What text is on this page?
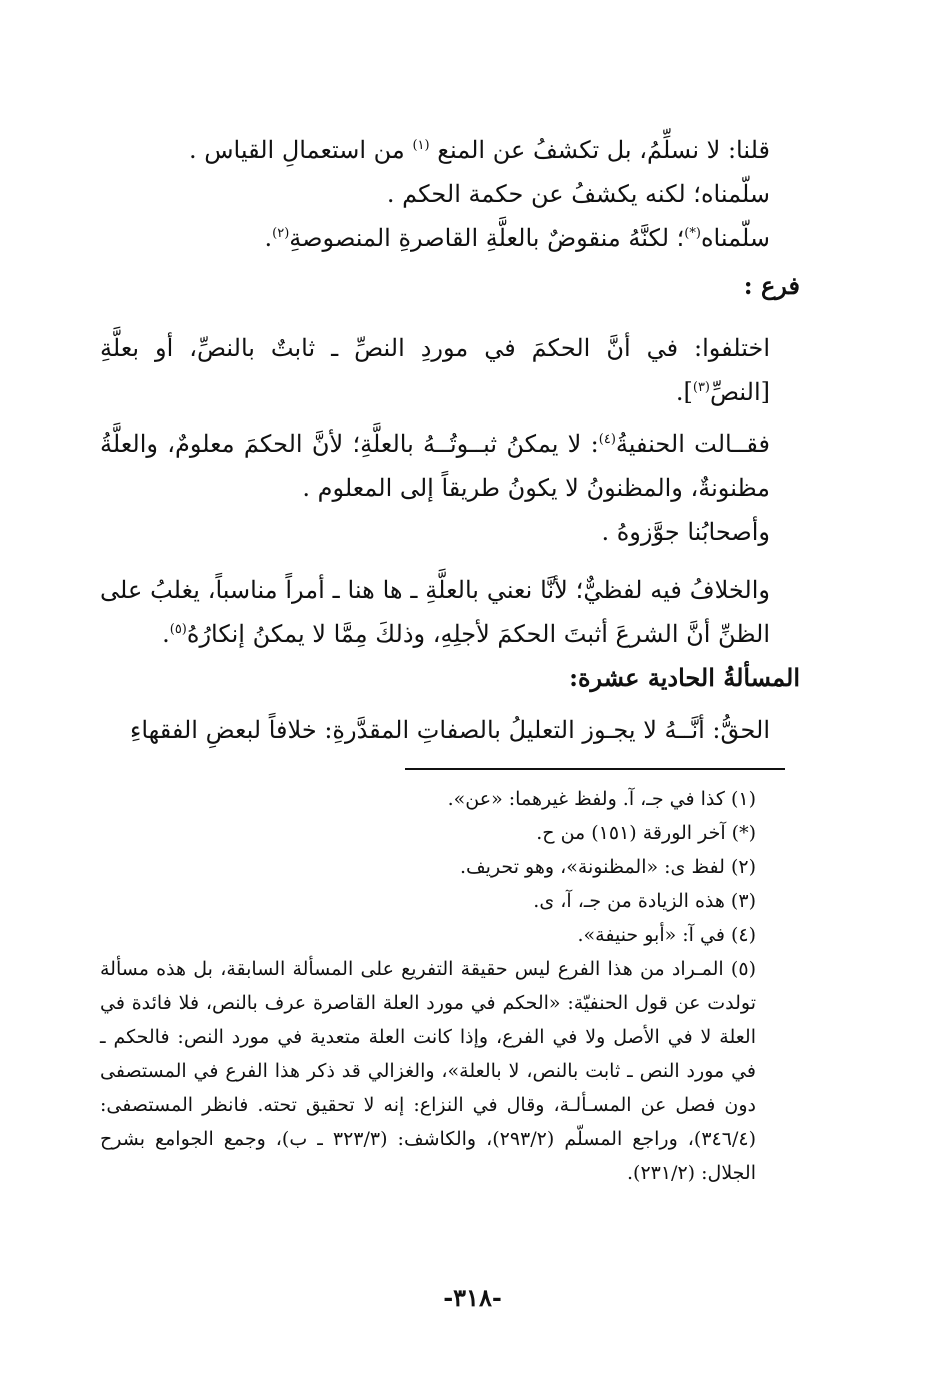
قلنا: لا نسلِّمُ، بل تكشفُ عن المنع $^{(١)}$ من استعمالِ القياس .
سلّمناه؛ لكنه يكشفُ عن حكمة الحكم .
سلّمناه(*)؛ لكنَّهُ منقوضٌ بالعلَّةِ القاصرةِ المنصوصةِ$^{(٢)}$.
فرع :
اختلفوا: في أنَّ الحكمَ في موردِ النصِّ ـ ثابتٌ بالنصِّ، أو بعلَّةِ [النصِّ$^{(٣)}$].
فقــالت الحنفيةُ$^{(٤)}$: لا يمكنُ ثبــوتُــهُ بالعلَّةِ؛ لأنَّ الحكمَ معلومٌ، والعلَّةُ مظنونةٌ، والمظنونُ لا يكونُ طريقاً إلى المعلوم .
وأصحابُنا جوَّزوهُ .
والخلافُ فيه لفظيٌّ؛ لأنَّا نعني بالعلَّةِ ـ ها هنا ـ أمراً مناسباً، يغلبُ على الظنِّ أنَّ الشرعَ أثبتَ الحكمَ لأجلِهِ، وذلكَ مِمَّا لا يمكنُ إنكارُهُ$^{(٥)}$.
المسألةُ الحادية عشرة:
الحقُّ: أنَّــهُ لا يجـوز التعليلُ بالصفاتِ المقدَّرةِ: خلافاً لبعضِ الفقهاءِ
(١) كذا في جـ، آ. ولفظ غيرهما: «عن».
(*) آخر الورقة (١٥١) من ح.
(٢) لفظ ى: «المظنونة»، وهو تحريف.
(٣) هذه الزيادة من جـ، آ، ى.
(٤) في آ: «أبو حنيفة».
(٥) المـراد من هذا الفرع ليس حقيقة التفريع على المسألة السابقة، بل هذه مسألة تولدت عن قول الحنفيّة: «الحكم في مورد العلة القاصرة عرف بالنص، فلا فائدة في العلة لا في الأصل ولا في الفرع، وإذا كانت العلة متعدية في مورد النص: فالحكم ـ في مورد النص ـ ثابت بالنص، لا بالعلة»، والغزالي قد ذكر هذا الفرع في المستصفى دون فصل عن المسـألـة، وقال في النزاع: إنه لا تحقيق تحته. فانظر المستصفى: (٣٤٦/٤)، وراجع المسلّم (٢٩٣/٢)، والكاشف: (٣٢٣/٣ ـ ب)، وجمع الجوامع بشرح الجلال: (٢٣١/٢).
-٣١٨-
